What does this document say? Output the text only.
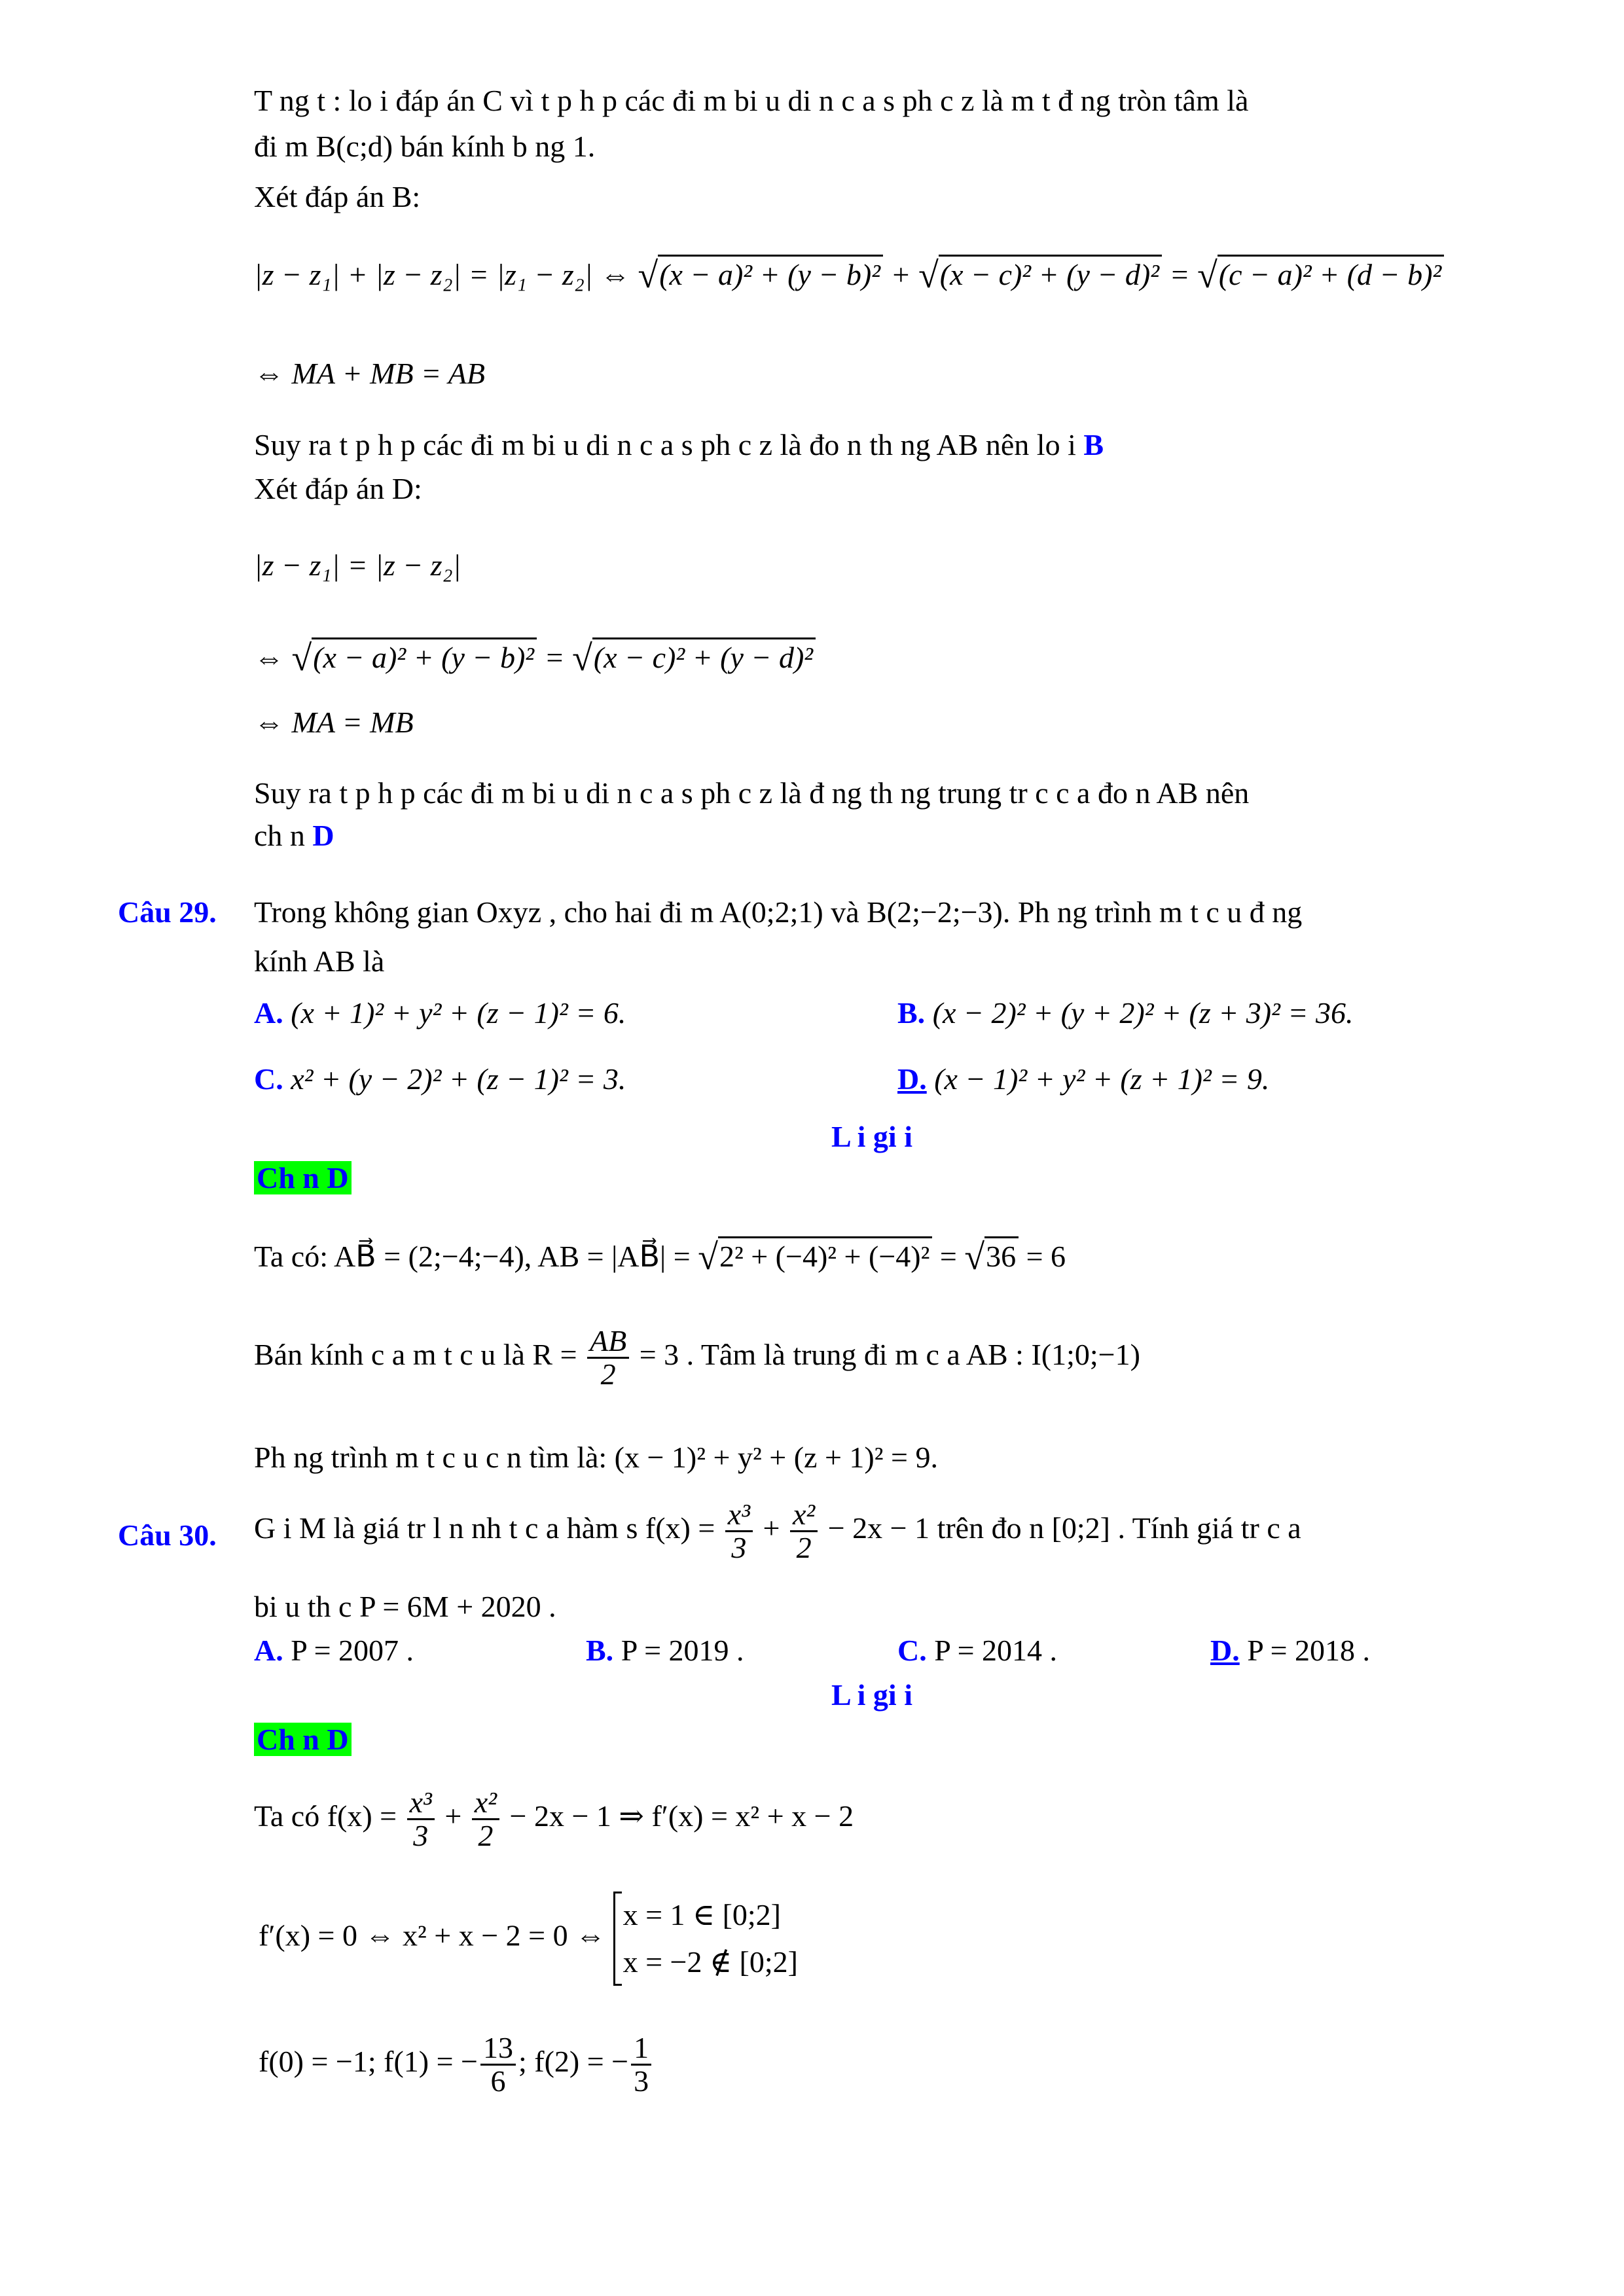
T ng t : lo i đáp án C vì t p h p các đi m bi u di n c a s ph c z là m t đ ng tròn tâm là
đi m B(c;d) bán kính b ng 1.
Xét đáp án B:
|z − z₁| + |z − z₂| = |z₁ − z₂| ⇔ √(x − a)² + (y − b)² + √(x − c)² + (y − d)² = √(c − a)² + (d − b)²
⇔ MA + MB = AB
Suy ra t p h p các đi m bi u di n c a s ph c z là đo n th ng AB nên lo i B
Xét đáp án D:
|z − z₁| = |z − z₂|
⇔ √(x − a)² + (y − b)² = √(x − c)² + (y − d)²
⇔ MA = MB
Suy ra t p h p các đi m bi u di n c a s ph c z là đ ng th ng trung tr c c a đo n AB nên
ch n D
Câu 29. Trong không gian Oxyz , cho hai đi m A(0;2;1) và B(2;−2;−3). Ph ng trình m t c u đ ng
kính AB là
A. (x + 1)² + y² + (z − 1)² = 6.	B. (x − 2)² + (y + 2)² + (z + 3)² = 36.
C. x² + (y − 2)² + (z − 1)² = 3.	D. (x − 1)² + y² + (z + 1)² = 9.
L i gi i
Ch n D
Ta có: AB⃗ = (2;−4;−4), AB = |AB⃗| = √2² + (−4)² + (−4)² = √36 = 6
Bán kính c a m t c u là $R = \frac{AB}{2} = 3$ . Tâm là trung đi m c a AB : I(1;0;−1)
Ph ng trình m t c u c n tìm là: (x − 1)² + y² + (z + 1)² = 9.
Câu 30. G i M là giá tr l n nh t c a hàm s $f(x) = \frac{\text{x³}}{3} + \frac{\text{x²}}{2} - 2x - 1$ trên đo n [0;2] . Tính giá tr c a
bi u th c P = 6M + 2020 .
A. P = 2007 .	B. P = 2019 .	C. P = 2014 .	D. P = 2018 .
L i gi i
Ch n D
Ta có $f(x) = \frac{\text{x³}}{3} + \frac{\text{x²}}{2} - 2x - 1$ ⇒ f′(x) = x² + x − 2
f′(x) = 0 ⇔ x² + x − 2 = 0 ⇔
x = 1 ∈ [0;2]
x = −2 ∉ [0;2]
f(0) = −1; f(1) = − $\frac{13}{6}$ ; f(2) = − $\frac{1}{3}$
